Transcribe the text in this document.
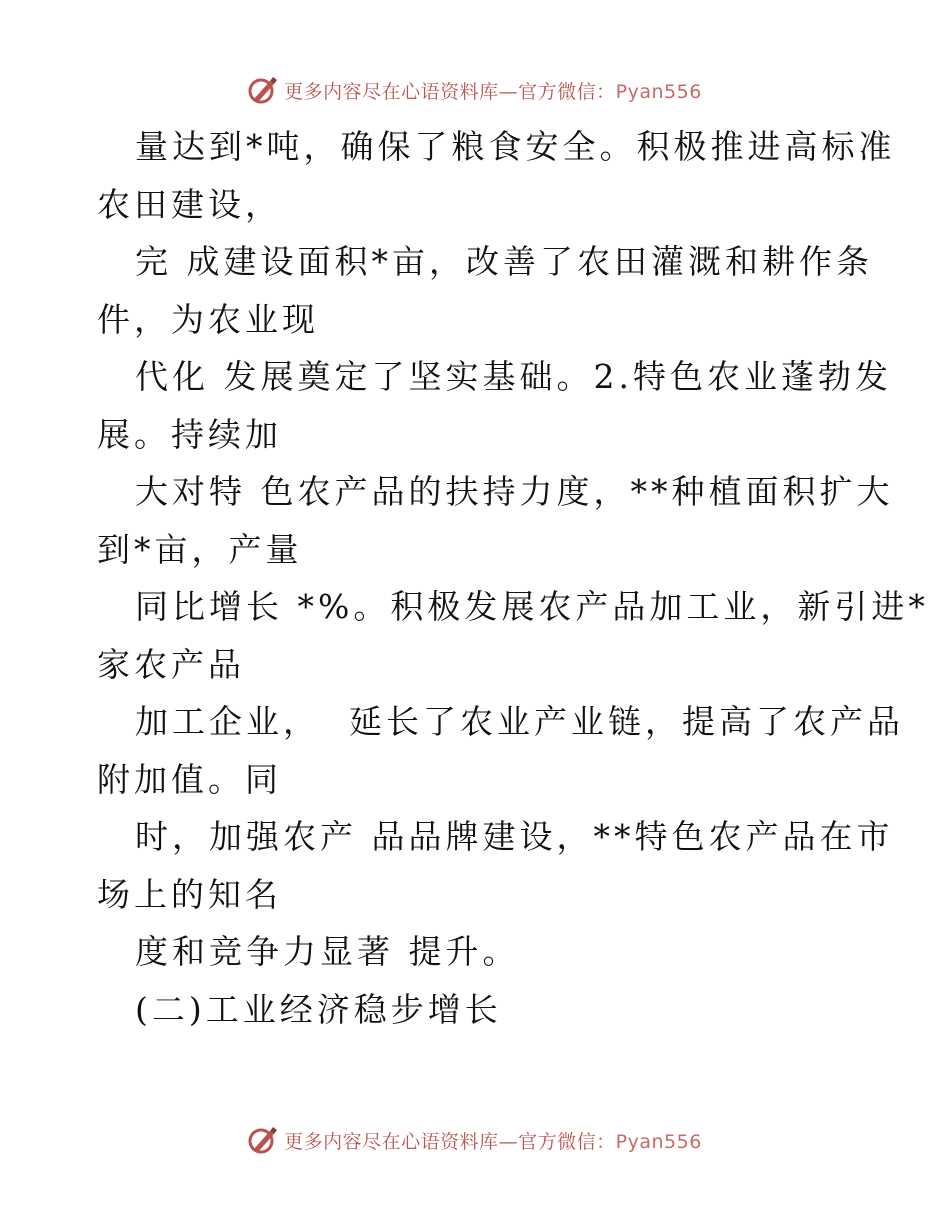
更多内容尽在心语资料库—官方微信：Pyan556
量达到*吨，确保了粮食安全。积极推进高标准
农田建设，
完 成建设面积*亩，改善了农田灌溉和耕作条
件，为农业现
代化 发展奠定了坚实基础。2.特色农业蓬勃发
展。持续加
大对特 色农产品的扶持力度，**种植面积扩大
到*亩，产量
同比增长 *%。积极发展农产品加工业，新引进*
家农产品
加工企业，  延长了农业产业链，提高了农产品
附加值。同
时，加强农产 品品牌建设，**特色农产品在市
场上的知名
度和竞争力显著 提升。
(二)工业经济稳步增长
更多内容尽在心语资料库—官方微信：Pyan556
